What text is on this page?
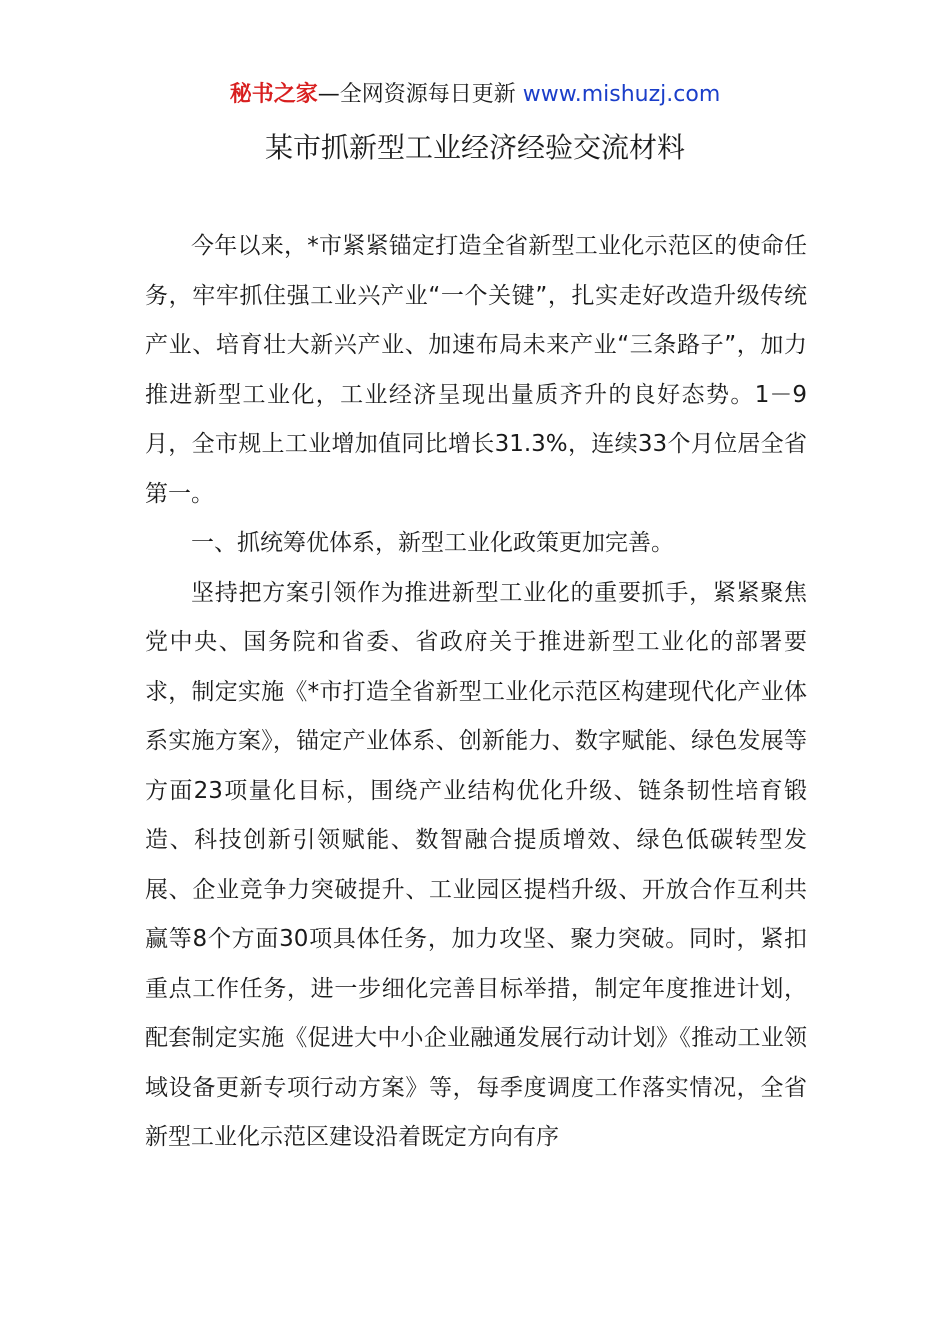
秘书之家—全网资源每日更新 www.mishuzj.com
某市抓新型工业经济经验交流材料

今年以来，*市紧紧锚定打造全省新型工业化示范区的使命任务，牢牢抓住强工业兴产业“一个关键”，扎实走好改造升级传统产业、培育壮大新兴产业、加速布局未来产业“三条路子”，加力推进新型工业化，工业经济呈现出量质齐升的良好态势。1－9月，全市规上工业增加值同比增长31.3%，连续33个月位居全省第一。

一、抓统筹优体系，新型工业化政策更加完善。

坚持把方案引领作为推进新型工业化的重要抓手，紧紧聚焦党中央、国务院和省委、省政府关于推进新型工业化的部署要求，制定实施《*市打造全省新型工业化示范区构建现代化产业体系实施方案》，锚定产业体系、创新能力、数字赋能、绿色发展等方面23项量化目标，围绕产业结构优化升级、链条韧性培育锻造、科技创新引领赋能、数智融合提质增效、绿色低碳转型发展、企业竞争力突破提升、工业园区提档升级、开放合作互利共赢等8个方面30项具体任务，加力攻坚、聚力突破。同时，紧扣重点工作任务，进一步细化完善目标举措，制定年度推进计划，配套制定实施《促进大中小企业融通发展行动计划》《推动工业领域设备更新专项行动方案》等，每季度调度工作落实情况，全省新型工业化示范区建设沿着既定方向有序
